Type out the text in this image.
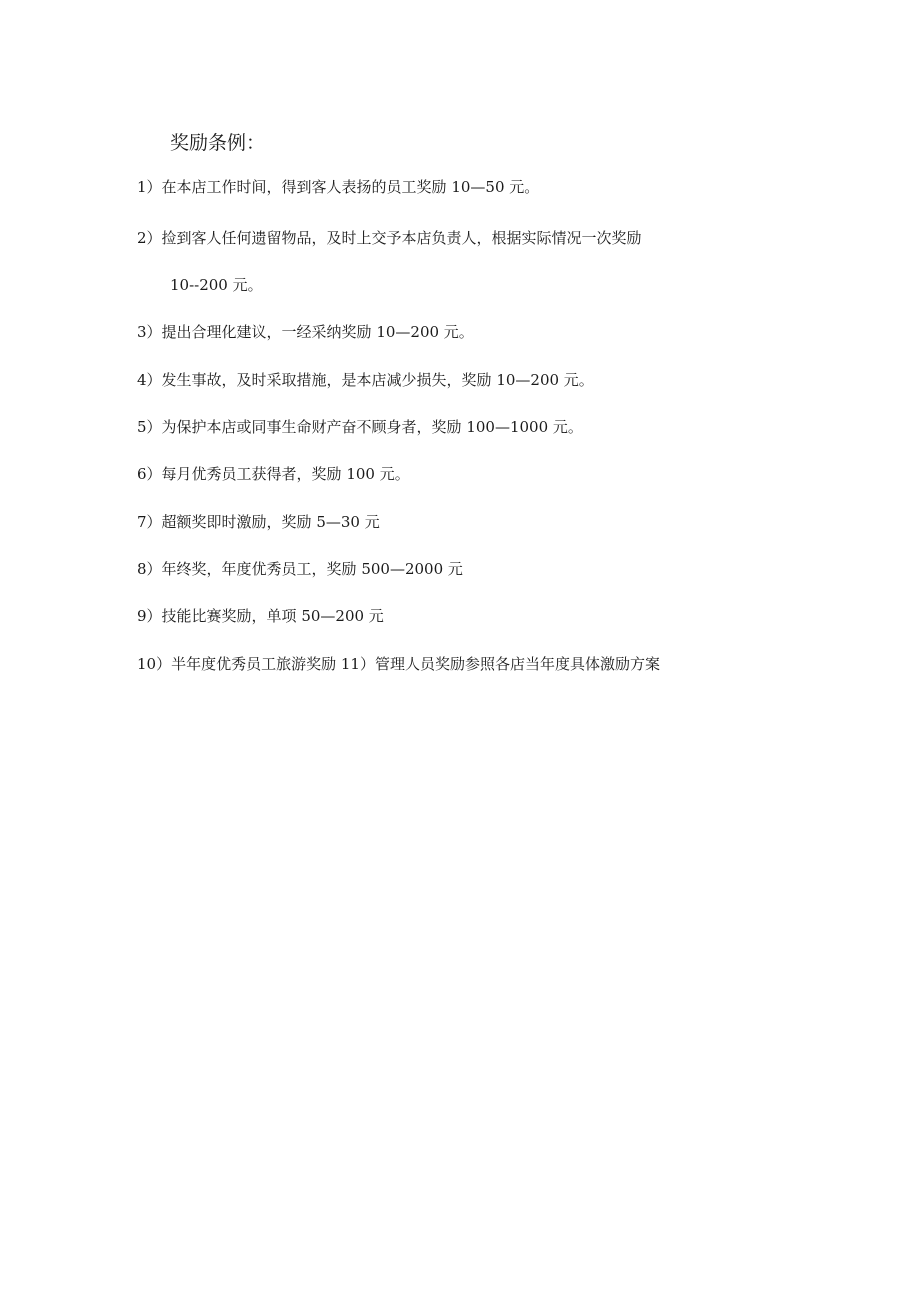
奖励条例：
1）在本店工作时间，得到客人表扬的员工奖励 10—50 元。
2）捡到客人任何遗留物品，及时上交予本店负责人，根据实际情况一次奖励
10--200 元。
3）提出合理化建议，一经采纳奖励 10—200 元。
4）发生事故，及时采取措施，是本店减少损失，奖励 10—200 元。
5）为保护本店或同事生命财产奋不顾身者，奖励 100—1000 元。
6）每月优秀员工获得者，奖励 100 元。
7）超额奖即时激励，奖励 5—30 元
8）年终奖，年度优秀员工，奖励 500—2000 元
9）技能比赛奖励，单项 50—200 元
10）半年度优秀员工旅游奖励 11）管理人员奖励参照各店当年度具体激励方案
